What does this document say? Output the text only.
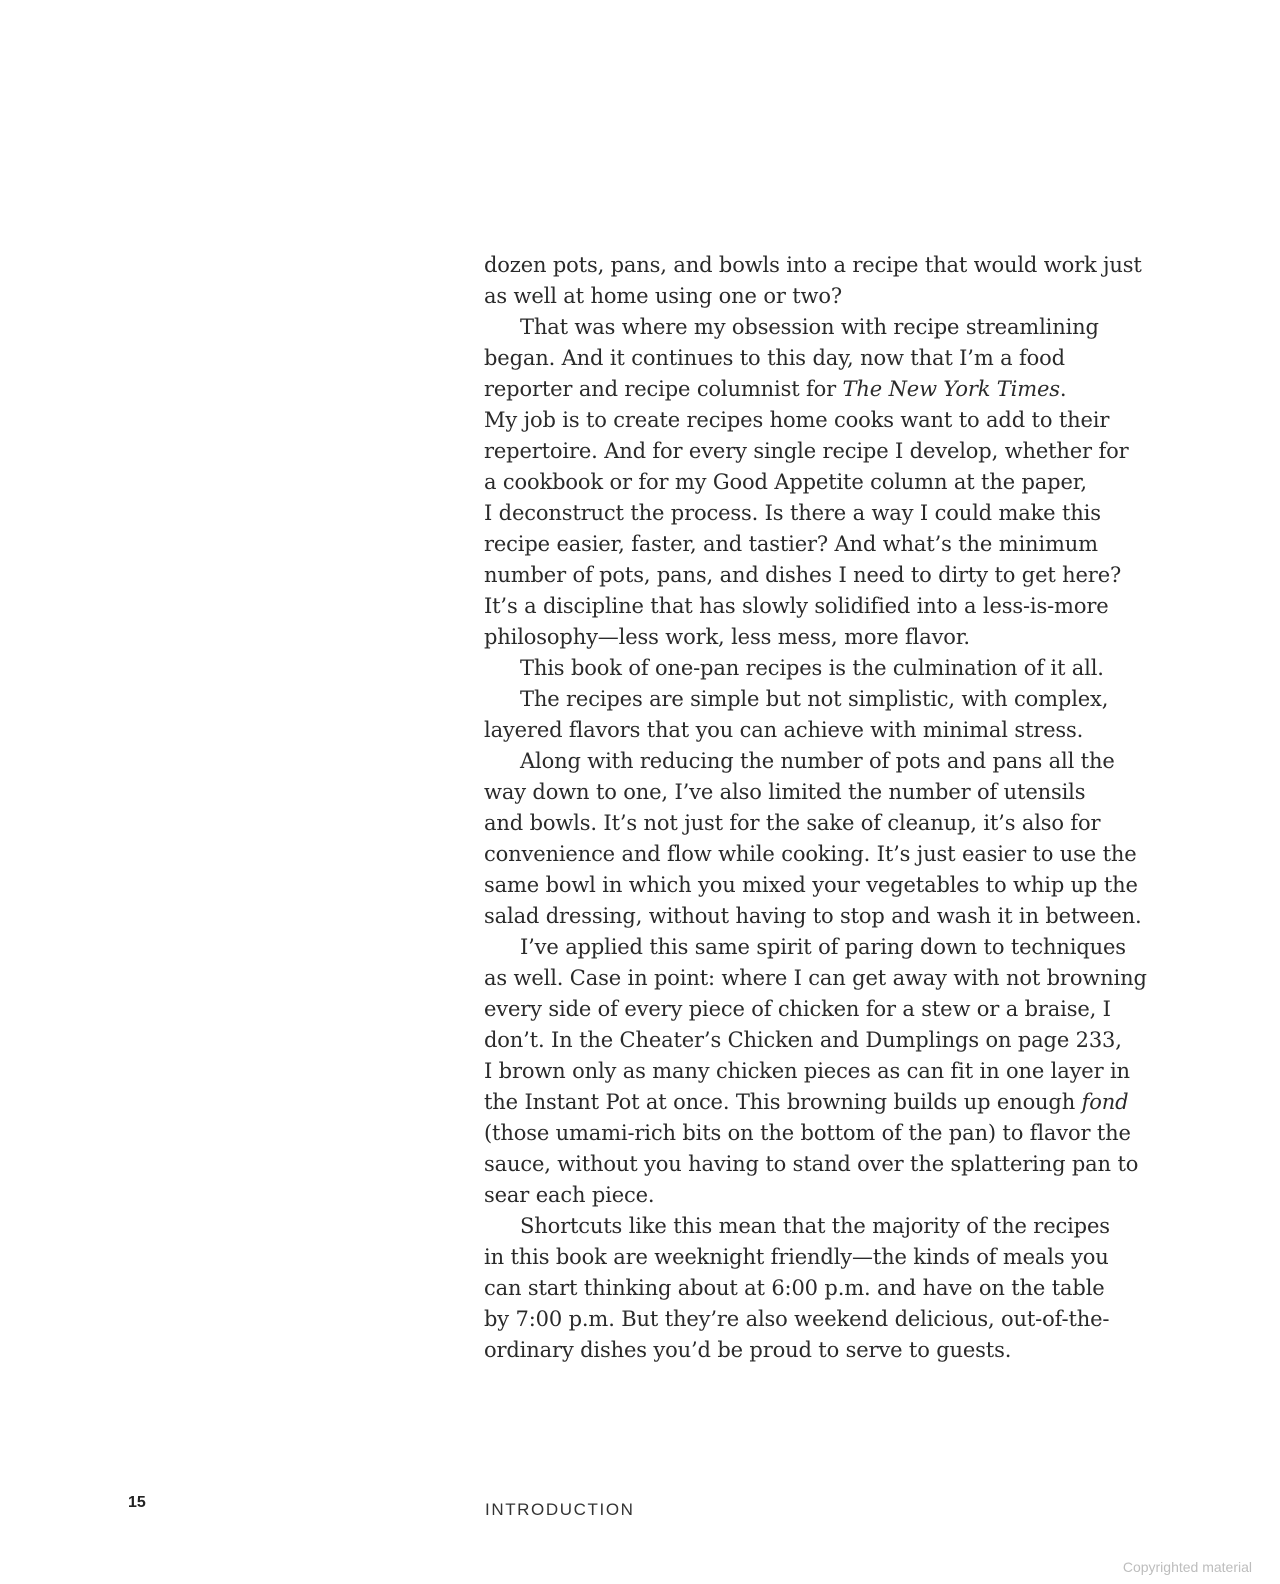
dozen pots, pans, and bowls into a recipe that would work just
as well at home using one or two?
That was where my obsession with recipe streamlining
began. And it continues to this day, now that I’m a food
reporter and recipe columnist for The New York Times.
My job is to create recipes home cooks want to add to their
repertoire. And for every single recipe I develop, whether for
a cookbook or for my Good Appetite column at the paper,
I deconstruct the process. Is there a way I could make this
recipe easier, faster, and tastier? And what’s the minimum
number of pots, pans, and dishes I need to dirty to get here?
It’s a discipline that has slowly solidified into a less-is-more
philosophy—less work, less mess, more flavor.
This book of one-pan recipes is the culmination of it all.
The recipes are simple but not simplistic, with complex,
layered flavors that you can achieve with minimal stress.
Along with reducing the number of pots and pans all the
way down to one, I’ve also limited the number of utensils
and bowls. It’s not just for the sake of cleanup, it’s also for
convenience and flow while cooking. It’s just easier to use the
same bowl in which you mixed your vegetables to whip up the
salad dressing, without having to stop and wash it in between.
I’ve applied this same spirit of paring down to techniques
as well. Case in point: where I can get away with not browning
every side of every piece of chicken for a stew or a braise, I
don’t. In the Cheater’s Chicken and Dumplings on page 233,
I brown only as many chicken pieces as can fit in one layer in
the Instant Pot at once. This browning builds up enough fond
(those umami-rich bits on the bottom of the pan) to flavor the
sauce, without you having to stand over the splattering pan to
sear each piece.
Shortcuts like this mean that the majority of the recipes
in this book are weeknight friendly—the kinds of meals you
can start thinking about at 6:00 p.m. and have on the table
by 7:00 p.m. But they’re also weekend delicious, out-of-the-
ordinary dishes you’d be proud to serve to guests.
15	INTRODUCTION
Copyrighted material
